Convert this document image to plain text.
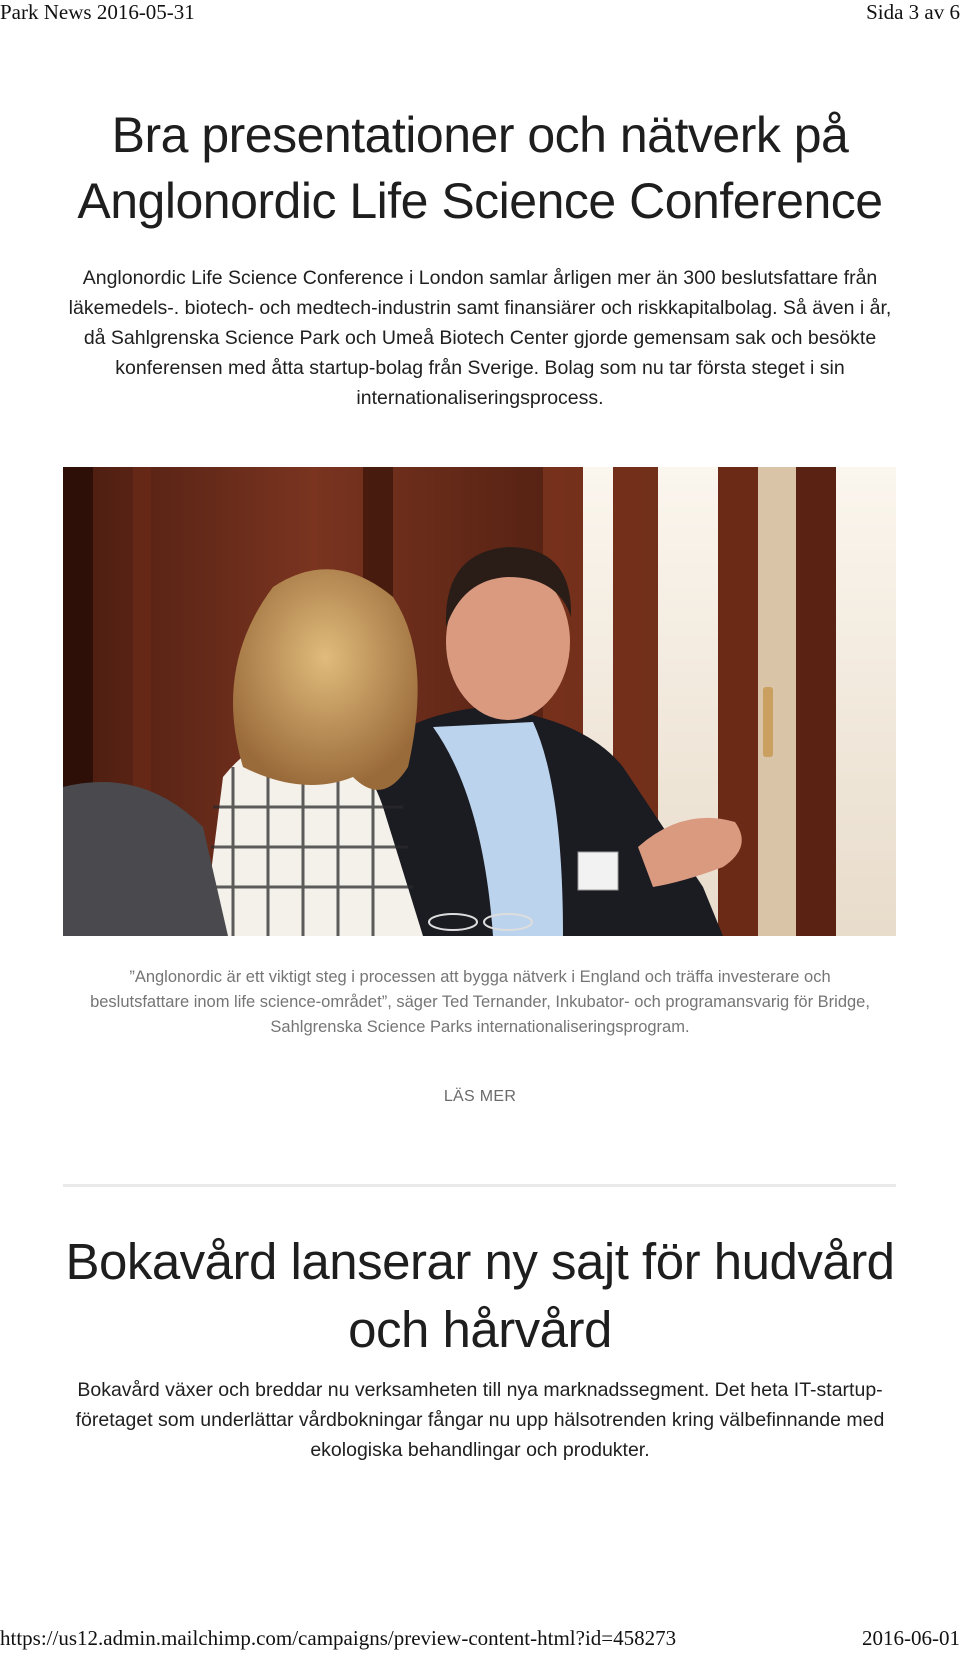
Park News 2016-05-31	Sida 3 av 6
Bra presentationer och nätverk på Anglonordic Life Science Conference

Anglonordic Life Science Conference i London samlar årligen mer än 300 beslutsfattare från läkemedels-. biotech- och medtech-industrin samt finansiärer och riskkapitalbolag. Så även i år, då Sahlgrenska Science Park och Umeå Biotech Center gjorde gemensam sak och besökte konferensen med åtta startup-bolag från Sverige. Bolag som nu tar första steget i sin internationaliseringsprocess.

”Anglonordic är ett viktigt steg i processen att bygga nätverk i England och träffa investerare och beslutsfattare inom life science-området”, säger Ted Ternander, Inkubator- och programansvarig för Bridge, Sahlgrenska Science Parks internationaliseringsprogram.

LÄS MER
Bokavård lanserar ny sajt för hudvård och hårvård

Bokavård växer och breddar nu verksamheten till nya marknadssegment. Det heta IT-startup-företaget som underlättar vårdbokningar fångar nu upp hälsotrenden kring välbefinnande med ekologiska behandlingar och produkter.

https://us12.admin.mailchimp.com/campaigns/preview-content-html?id=458273	2016-06-01
